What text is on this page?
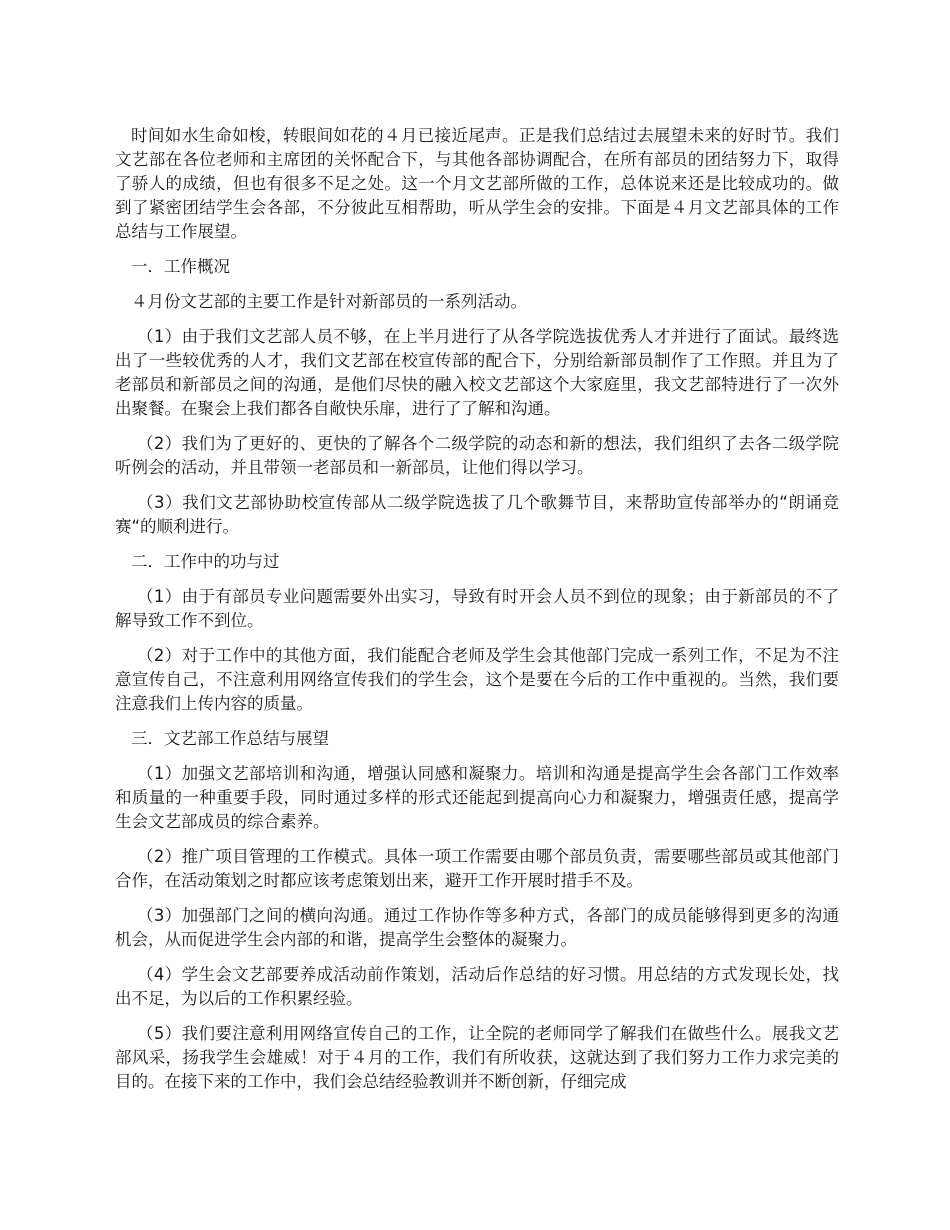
时间如水生命如梭，转眼间如花的４月已接近尾声。正是我们总结过去展望未来的好时节。我们文艺部在各位老师和主席团的关怀配合下，与其他各部协调配合，在所有部员的团结努力下，取得了骄人的成绩，但也有很多不足之处。这一个月文艺部所做的工作，总体说来还是比较成功的。做到了紧密团结学生会各部，不分彼此互相帮助，听从学生会的安排。下面是４月文艺部具体的工作总结与工作展望。

一．工作概况

４月份文艺部的主要工作是针对新部员的一系列活动。

（1）由于我们文艺部人员不够，在上半月进行了从各学院选拔优秀人才并进行了面试。最终选出了一些较优秀的人才，我们文艺部在校宣传部的配合下，分别给新部员制作了工作照。并且为了老部员和新部员之间的沟通，是他们尽快的融入校文艺部这个大家庭里，我文艺部特进行了一次外出聚餐。在聚会上我们都各自敞快乐扉，进行了了解和沟通。

（2）我们为了更好的、更快的了解各个二级学院的动态和新的想法，我们组织了去各二级学院听例会的活动，并且带领一老部员和一新部员，让他们得以学习。

（3）我们文艺部协助校宣传部从二级学院选拔了几个歌舞节目，来帮助宣传部举办的“朗诵竞赛“的顺利进行。

二．工作中的功与过

（1）由于有部员专业问题需要外出实习，导致有时开会人员不到位的现象；由于新部员的不了解导致工作不到位。

（2）对于工作中的其他方面，我们能配合老师及学生会其他部门完成一系列工作，不足为不注意宣传自己，不注意利用网络宣传我们的学生会，这个是要在今后的工作中重视的。当然，我们要注意我们上传内容的质量。

三．文艺部工作总结与展望

（1）加强文艺部培训和沟通，增强认同感和凝聚力。培训和沟通是提高学生会各部门工作效率和质量的一种重要手段，同时通过多样的形式还能起到提高向心力和凝聚力，增强责任感，提高学生会文艺部成员的综合素养。

（2）推广项目管理的工作模式。具体一项工作需要由哪个部员负责，需要哪些部员或其他部门合作，在活动策划之时都应该考虑策划出来，避开工作开展时措手不及。

（3）加强部门之间的横向沟通。通过工作协作等多种方式，各部门的成员能够得到更多的沟通机会，从而促进学生会内部的和谐，提高学生会整体的凝聚力。

（4）学生会文艺部要养成活动前作策划，活动后作总结的好习惯。用总结的方式发现长处，找出不足，为以后的工作积累经验。

（5）我们要注意利用网络宣传自己的工作，让全院的老师同学了解我们在做些什么。展我文艺部风采，扬我学生会雄威！对于４月的工作，我们有所收获，这就达到了我们努力工作力求完美的目的。在接下来的工作中，我们会总结经验教训并不断创新，仔细完成
